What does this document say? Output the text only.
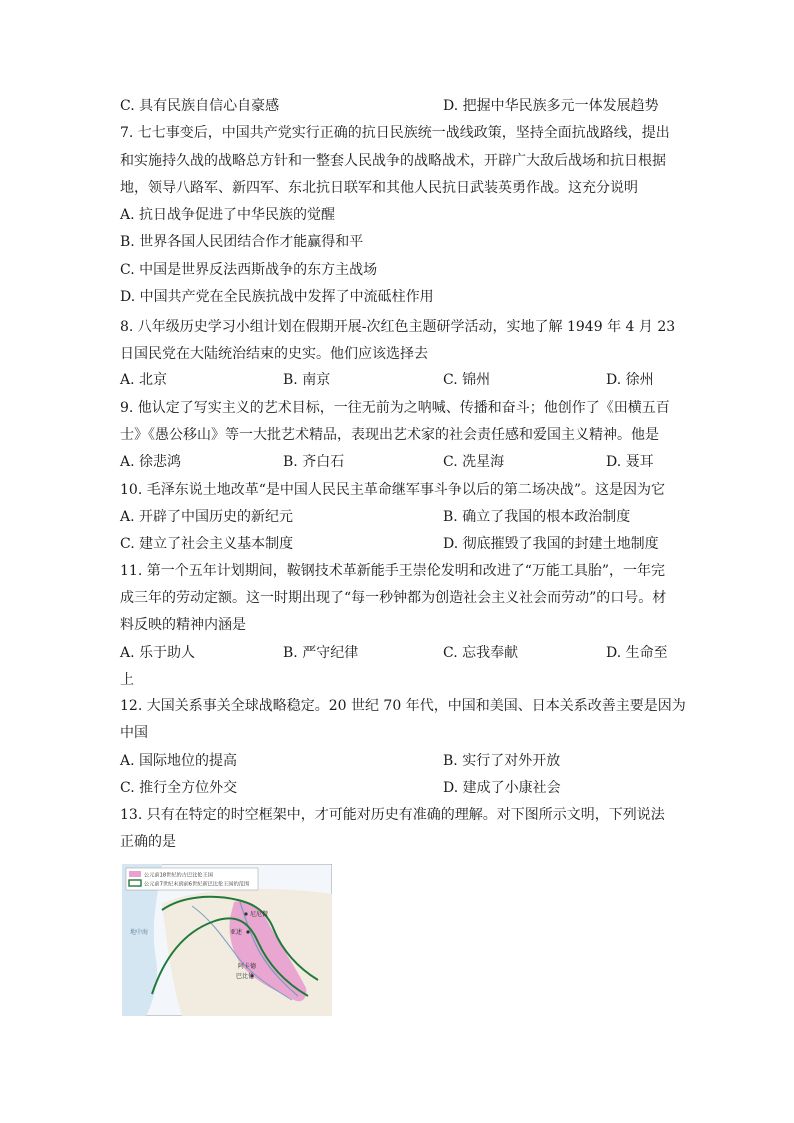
C. 具有民族自信心自豪感	D. 把握中华民族多元一体发展趋势
7. 七七事变后，中国共产党实行正确的抗日民族统一战线政策，坚持全面抗战路线，提出
和实施持久战的战略总方针和一整套人民战争的战略战术，开辟广大敌后战场和抗日根据
地，领导八路军、新四军、东北抗日联军和其他人民抗日武装英勇作战。这充分说明
A. 抗日战争促进了中华民族的觉醒
B. 世界各国人民团结合作才能赢得和平
C. 中国是世界反法西斯战争的东方主战场
D. 中国共产党在全民族抗战中发挥了中流砥柱作用
8. 八年级历史学习小组计划在假期开展-次红色主题研学活动，实地了解 1949 年 4 月 23
日国民党在大陆统治结束的史实。他们应该选择去
A. 北京	B. 南京	C. 锦州	D. 徐州
9. 他认定了写实主义的艺术目标，一往无前为之呐喊、传播和奋斗；他创作了《田横五百
士》《愚公移山》等一大批艺术精品，表现出艺术家的社会责任感和爱国主义精神。他是
A. 徐悲鸿	B. 齐白石	C. 冼星海	D. 聂耳
10. 毛泽东说土地改革“是中国人民民主革命继军事斗争以后的第二场决战”。这是因为它
A. 开辟了中国历史的新纪元	B. 确立了我国的根本政治制度
C. 建立了社会主义基本制度	D. 彻底摧毁了我国的封建土地制度
11. 第一个五年计划期间，鞍钢技术革新能手王崇伦发明和改进了“万能工具胎”，一年完
成三年的劳动定额。这一时期出现了“每一秒钟都为创造社会主义社会而劳动”的口号。材
料反映的精神内涵是
A. 乐于助人	B. 严守纪律	C. 忘我奉献	D. 生命至
上
12. 大国关系事关全球战略稳定。20 世纪 70 年代，中国和美国、日本关系改善主要是因为
中国
A. 国际地位的提高	B. 实行了对外开放
C. 推行全方位外交	D. 建成了小康社会
13. 只有在特定的时空框架中，才可能对历史有准确的理解。对下图所示文明，下列说法
正确的是
地中海
公元前18世纪的古巴比伦王国
公元前7世纪末到前6世纪新巴比伦王国的范围
尼尼微
亚述
阿卡德
巴比伦
